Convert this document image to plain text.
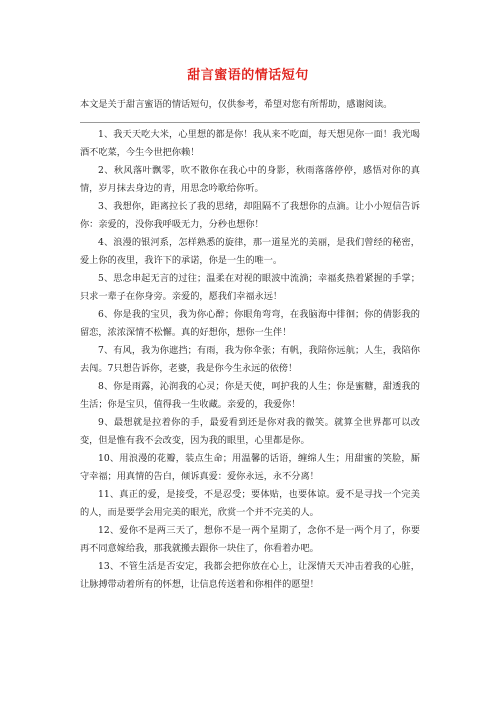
甜言蜜语的情话短句
本文是关于甜言蜜语的情话短句，仅供参考，希望对您有所帮助，感谢阅读。

1、我天天吃大米，心里想的都是你！我从来不吃面，每天想见你一面！我光喝酒不吃菜，今生今世把你赖！

2、秋风落叶飘零，吹不散你在我心中的身影，秋雨落落停停，感悟对你的真情，岁月抹去身边的青，用思念吟歌给你听。

3、我想你，距离拉长了我的思绪，却阻隔不了我想你的点滴。让小小短信告诉你：亲爱的，没你我呼吸无力，分秒也想你！

4、浪漫的银河系，怎样熟悉的旋律，那一道星光的美丽，是我们曾经的秘密，爱上你的夜里，我许下的承诺，你是一生的唯一。

5、思念串起无言的过往；温柔在对视的眼波中流淌；幸福炙热着紧握的手掌；只求一辈子在你身旁。亲爱的，愿我们幸福永远！

6、你是我的宝贝，我为你心醉；你眼角弯弯，在我脑海中徘徊；你的倩影我的留恋，浓浓深情不松懈。真的好想你，想你一生伴！

7、有风，我为你遮挡；有雨，我为你伞张；有帆，我陪你远航；人生，我陪你去闯。7只想告诉你，老婆，我是你今生永远的依傍！

8、你是雨露，沁润我的心灵；你是天使，呵护我的人生；你是蜜糖，甜透我的生活；你是宝贝，值得我一生收藏。亲爱的，我爱你！

9、最想就是拉着你的手，最爱看到还是你对我的微笑。就算全世界都可以改变，但是惟有我不会改变，因为我的眼里，心里都是你。

10、用浪漫的花瓣，装点生命；用温馨的话语，缠绵人生；用甜蜜的笑脸，厮守幸福；用真情的告白，倾诉真爱：爱你永远，永不分离！

11、真正的爱，是接受，不是忍受；要体贴，也要体谅。爱不是寻找一个完美的人，而是要学会用完美的眼光，欣赏一个并不完美的人。

12、爱你不是两三天了，想你不是一两个星期了，念你不是一两个月了，你要再不同意嫁给我，那我就搬去跟你一块住了，你看着办吧。

13、不管生活是否安定，我都会把你放在心上，让深情天天冲击着我的心脏，让脉搏带动着所有的怀想，让信息传送着和你相伴的愿望！
